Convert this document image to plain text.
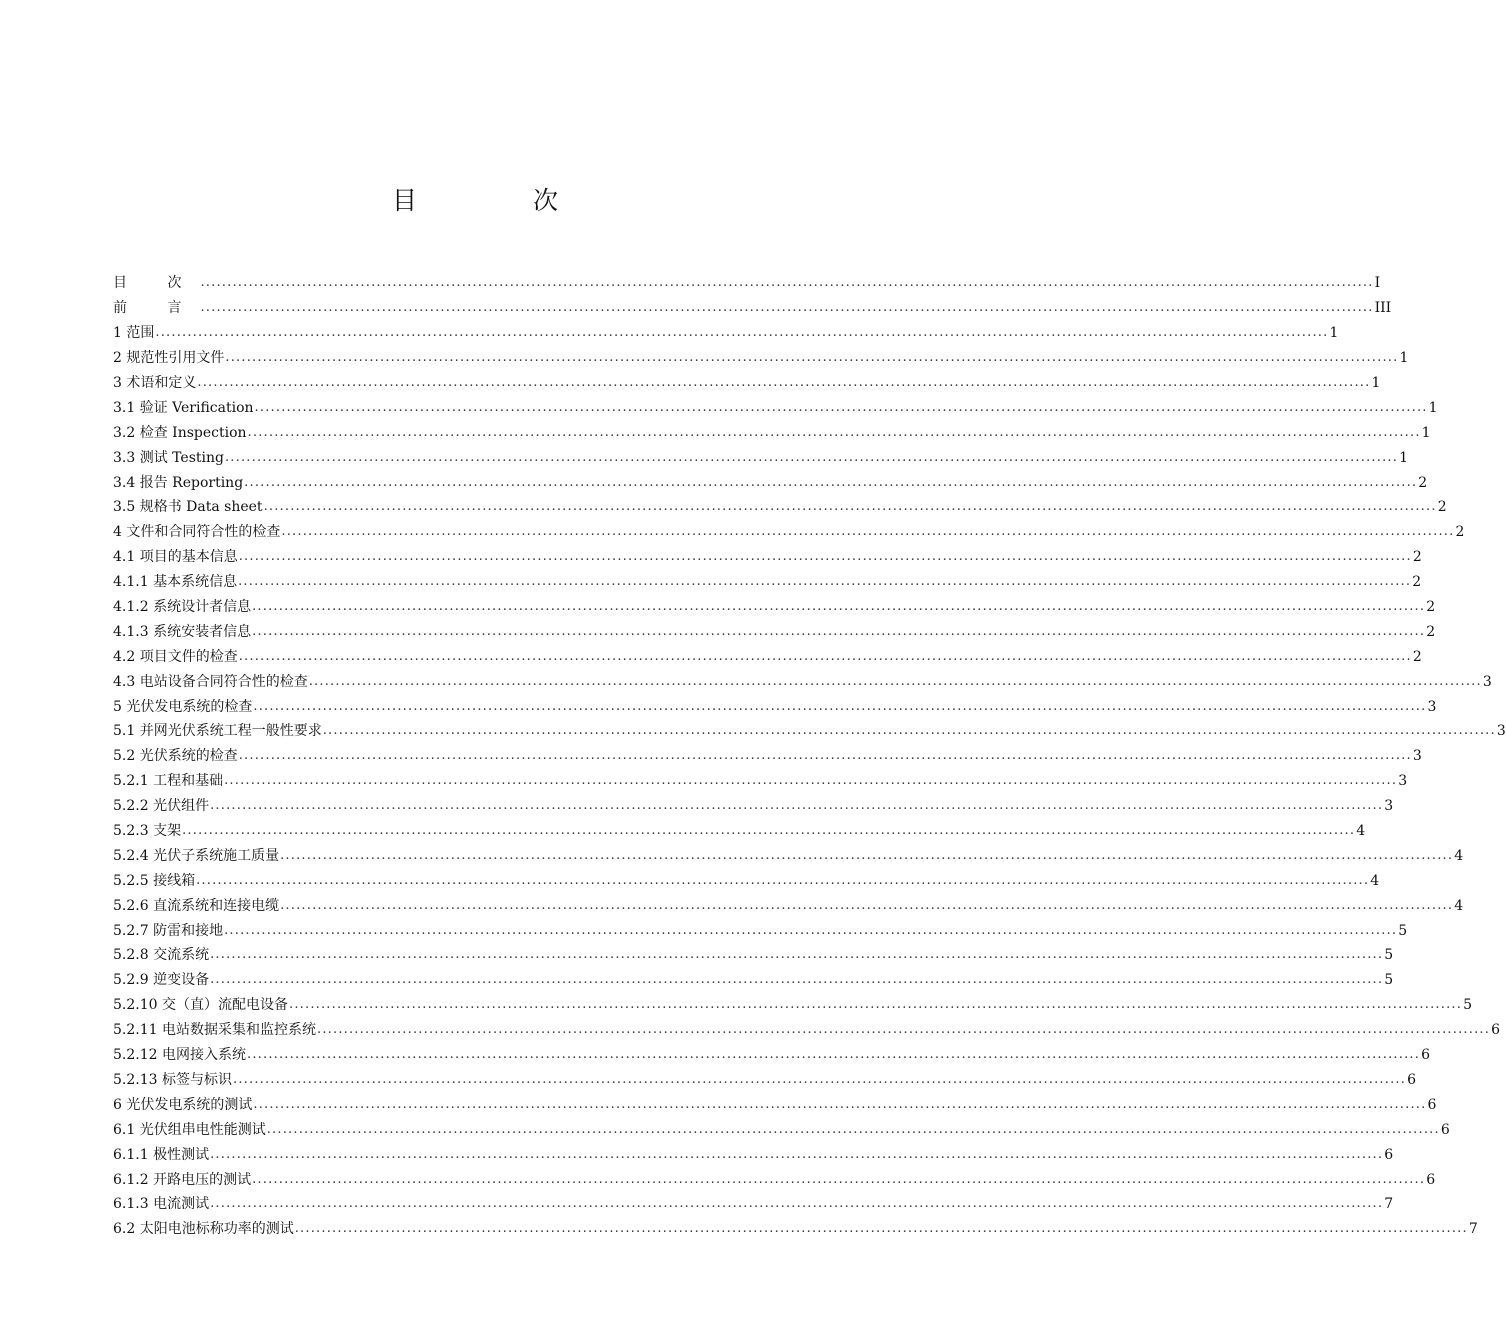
目 次
目 次 ............................................................................................................................................................................................................................ I
前 言 ............................................................................................................................................................................................................................ III
1 范围 ............................................................................................................................................................................................................................ 1
2 规范性引用文件 ............................................................................................................................................................................................................................ 1
3 术语和定义 ............................................................................................................................................................................................................................ 1
3.1 验证 Verification ............................................................................................................................................................................................................................ 1
3.2 检查 Inspection ............................................................................................................................................................................................................................ 1
3.3 测试 Testing ............................................................................................................................................................................................................................ 1
3.4 报告 Reporting ............................................................................................................................................................................................................................ 2
3.5 规格书 Data sheet ............................................................................................................................................................................................................................ 2
4 文件和合同符合性的检查 ............................................................................................................................................................................................................................ 2
4.1 项目的基本信息 ............................................................................................................................................................................................................................ 2
4.1.1 基本系统信息 ............................................................................................................................................................................................................................ 2
4.1.2 系统设计者信息 ............................................................................................................................................................................................................................ 2
4.1.3 系统安装者信息 ............................................................................................................................................................................................................................ 2
4.2 项目文件的检查 ............................................................................................................................................................................................................................ 2
4.3 电站设备合同符合性的检查 ............................................................................................................................................................................................................................ 3
5 光伏发电系统的检查 ............................................................................................................................................................................................................................ 3
5.1 并网光伏系统工程一般性要求 ............................................................................................................................................................................................................................ 3
5.2 光伏系统的检查 ............................................................................................................................................................................................................................ 3
5.2.1 工程和基础 ............................................................................................................................................................................................................................ 3
5.2.2 光伏组件 ............................................................................................................................................................................................................................ 3
5.2.3 支架 ............................................................................................................................................................................................................................ 4
5.2.4 光伏子系统施工质量 ............................................................................................................................................................................................................................ 4
5.2.5 接线箱 ............................................................................................................................................................................................................................ 4
5.2.6 直流系统和连接电缆 ............................................................................................................................................................................................................................ 4
5.2.7 防雷和接地 ............................................................................................................................................................................................................................ 5
5.2.8 交流系统 ............................................................................................................................................................................................................................ 5
5.2.9 逆变设备 ............................................................................................................................................................................................................................ 5
5.2.10 交（直）流配电设备 ............................................................................................................................................................................................................................ 5
5.2.11 电站数据采集和监控系统 ............................................................................................................................................................................................................................ 6
5.2.12 电网接入系统 ............................................................................................................................................................................................................................ 6
5.2.13 标签与标识 ............................................................................................................................................................................................................................ 6
6 光伏发电系统的测试 ............................................................................................................................................................................................................................ 6
6.1 光伏组串电性能测试 ............................................................................................................................................................................................................................ 6
6.1.1 极性测试 ............................................................................................................................................................................................................................ 6
6.1.2 开路电压的测试 ............................................................................................................................................................................................................................ 6
6.1.3 电流测试 ............................................................................................................................................................................................................................ 7
6.2 太阳电池标称功率的测试 ............................................................................................................................................................................................................................ 7
